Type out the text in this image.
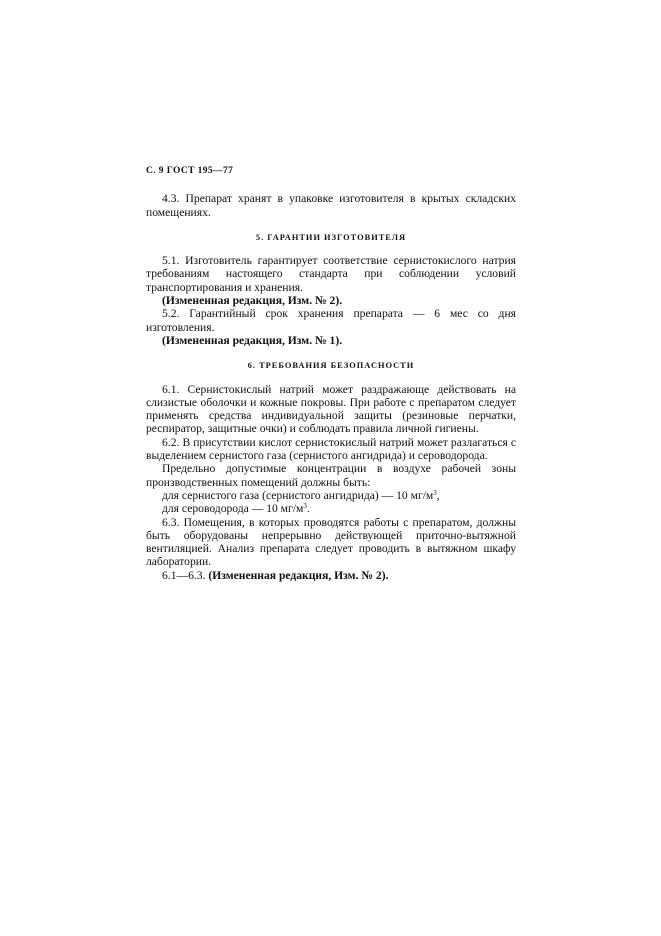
С. 9 ГОСТ 195—77

4.3. Препарат хранят в упаковке изготовителя в крытых складских помещениях.

5. ГАРАНТИИ ИЗГОТОВИТЕЛЯ

5.1. Изготовитель гарантирует соответствие сернистокислого натрия требованиям настоящего стандарта при соблюдении условий транспортирования и хранения.

(Измененная редакция, Изм. № 2).

5.2. Гарантийный срок хранения препарата — 6 мес со дня изготовления.

(Измененная редакция, Изм. № 1).

6. ТРЕБОВАНИЯ БЕЗОПАСНОСТИ

6.1. Сернистокислый натрий может раздражающе действовать на слизистые оболочки и кожные покровы. При работе с препаратом следует применять средства индивидуальной защиты (резиновые перчатки, респиратор, защитные очки) и соблюдать правила личной гигиены.

6.2. В присутствии кислот сернистокислый натрий может разлагаться с выделением сернистого газа (сернистого ангидрида) и сероводорода.

Предельно допустимые концентрации в воздухе рабочей зоны производственных помещений должны быть:

для сернистого газа (сернистого ангидрида) — 10 $мг/м^3$,

для сероводорода — 10 $мг/м^3$.

6.3. Помещения, в которых проводятся работы с препаратом, должны быть оборудованы непрерывно действующей приточно-вытяжной вентиляцией. Анализ препарата следует проводить в вытяжном шкафу лаборатории.

6.1—6.3. (Измененная редакция, Изм. № 2).
